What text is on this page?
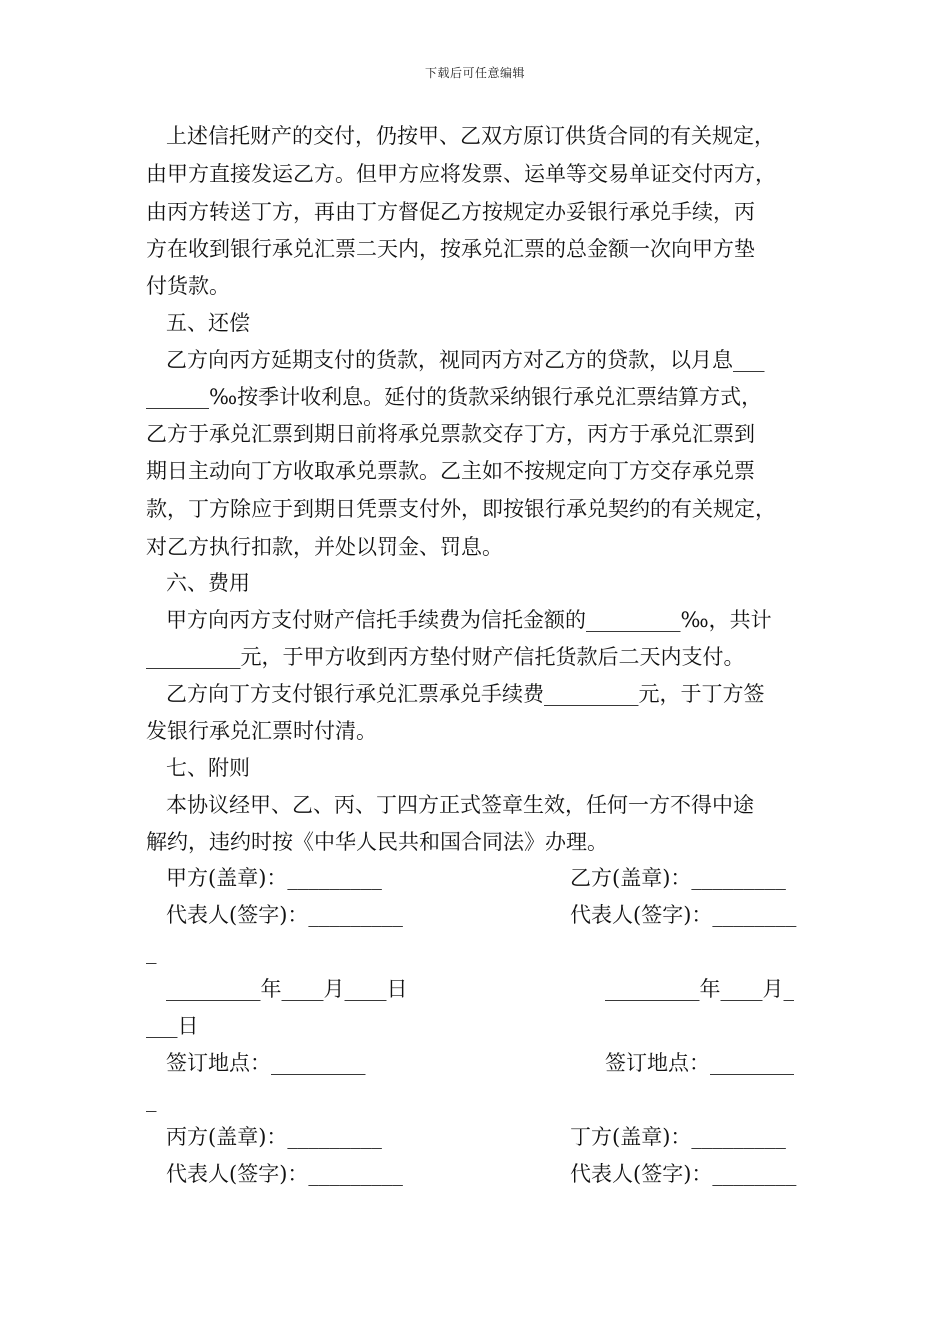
下载后可任意编辑
上述信托财产的交付，仍按甲、乙双方原订供货合同的有关规定，
由甲方直接发运乙方。但甲方应将发票、运单等交易单证交付丙方，
由丙方转送丁方，再由丁方督促乙方按规定办妥银行承兑手续，丙
方在收到银行承兑汇票二天内，按承兑汇票的总金额一次向甲方垫
付货款。
五、还偿
乙方向丙方延期支付的货款，视同丙方对乙方的贷款，以月息___
______‰按季计收利息。延付的货款采纳银行承兑汇票结算方式，
乙方于承兑汇票到期日前将承兑票款交存丁方，丙方于承兑汇票到
期日主动向丁方收取承兑票款。乙主如不按规定向丁方交存承兑票
款，丁方除应于到期日凭票支付外，即按银行承兑契约的有关规定，
对乙方执行扣款，并处以罚金、罚息。
六、费用
甲方向丙方支付财产信托手续费为信托金额的_________‰，共计
_________元，于甲方收到丙方垫付财产信托货款后二天内支付。
乙方向丁方支付银行承兑汇票承兑手续费_________元，于丁方签
发银行承兑汇票时付清。
七、附则
本协议经甲、乙、丙、丁四方正式签章生效，任何一方不得中途
解约，违约时按《中华人民共和国合同法》办理。
甲方(盖章)：_________	乙方(盖章)：_________
代表人(签字)：_________	代表人(签字)：________
_
_________年____月____日	_________年____月_
___日
签订地点：_________	签订地点：________
_
丙方(盖章)：_________	丁方(盖章)：_________
代表人(签字)：_________	代表人(签字)：________
